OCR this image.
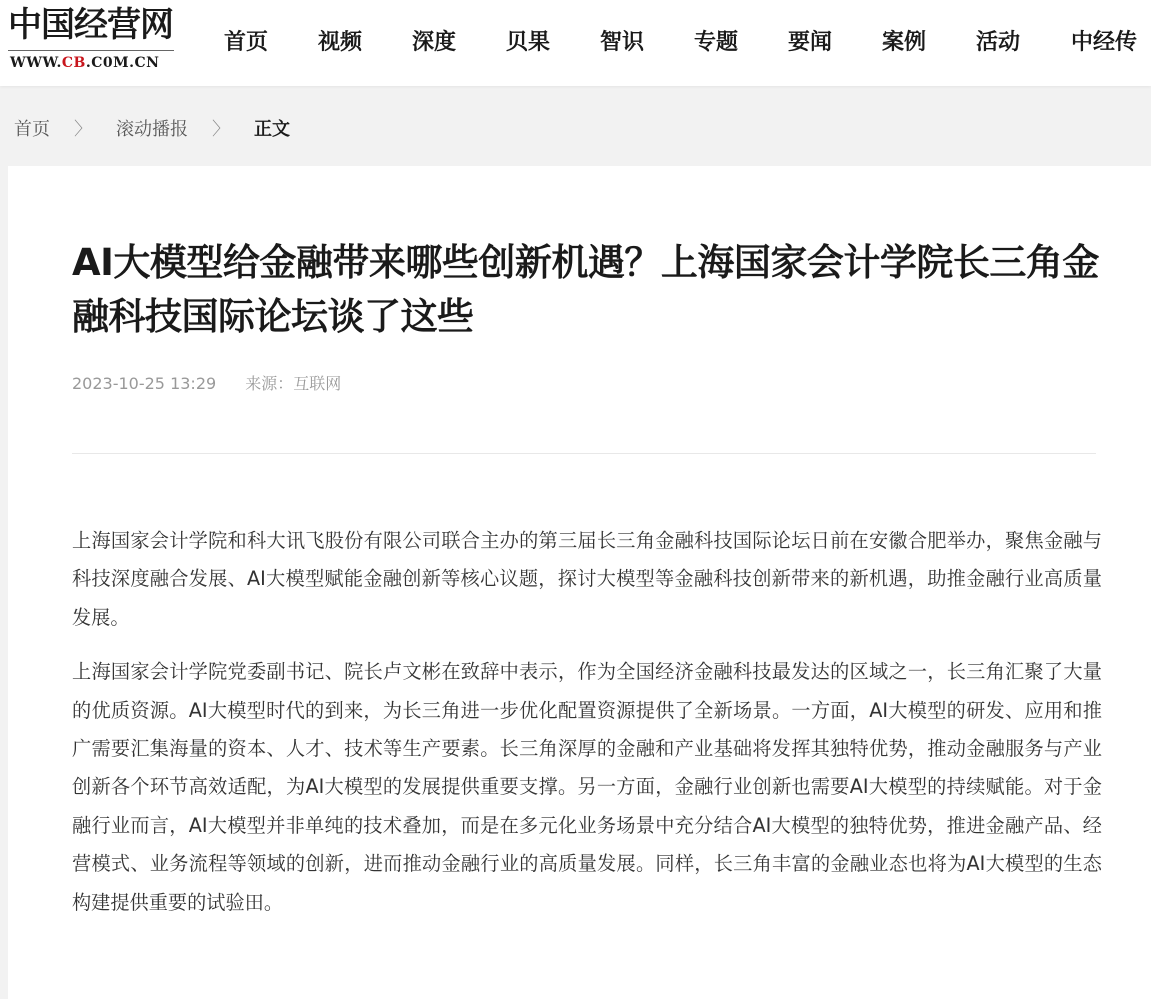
中国经营网
WWW.CB.C0M.CN
首页 视频 深度 贝果 智识 专题 要闻 案例 活动 中经传
首页 〉 滚动播报 〉 正文
AI大模型给金融带来哪些创新机遇？上海国家会计学院长三角金融科技国际论坛谈了这些
2023-10-25 13:29 来源：互联网

上海国家会计学院和科大讯飞股份有限公司联合主办的第三届长三角金融科技国际论坛日前在安徽合肥举办，聚焦金融与科技深度融合发展、AI大模型赋能金融创新等核心议题，探讨大模型等金融科技创新带来的新机遇，助推金融行业高质量发展。

上海国家会计学院党委副书记、院长卢文彬在致辞中表示，作为全国经济金融科技最发达的区域之一，长三角汇聚了大量的优质资源。AI大模型时代的到来，为长三角进一步优化配置资源提供了全新场景。一方面，AI大模型的研发、应用和推广需要汇集海量的资本、人才、技术等生产要素。长三角深厚的金融和产业基础将发挥其独特优势，推动金融服务与产业创新各个环节高效适配，为AI大模型的发展提供重要支撑。另一方面，金融行业创新也需要AI大模型的持续赋能。对于金融行业而言，AI大模型并非单纯的技术叠加，而是在多元化业务场景中充分结合AI大模型的独特优势，推进金融产品、经营模式、业务流程等领域的创新，进而推动金融行业的高质量发展。同样，长三角丰富的金融业态也将为AI大模型的生态构建提供重要的试验田。
